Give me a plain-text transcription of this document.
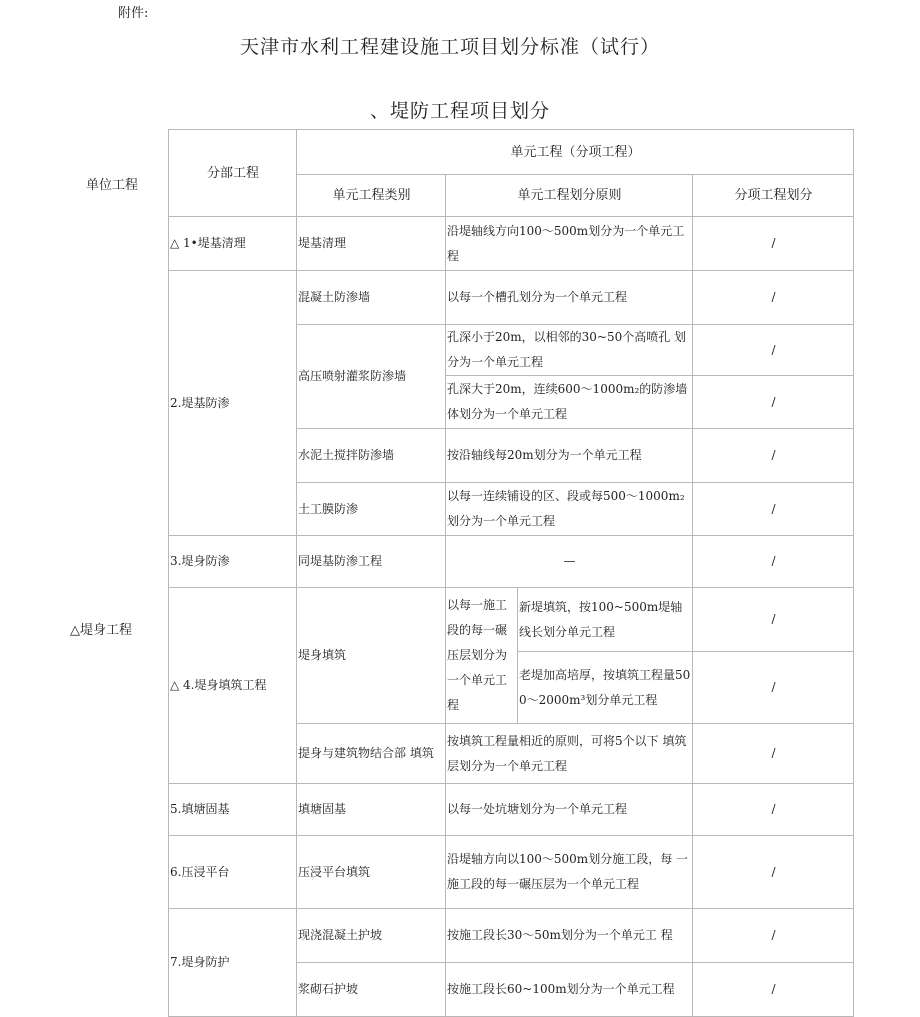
附件:
天津市水利工程建设施工项目划分标准（试行）
、堤防工程项目划分
单位工程
△堤身工程
分部工程	单元工程（分项工程）			
	单元工程类别	单元工程划分原则		分项工程划分
△ 1•堤基清理	堤基清理	沿堤轴线方向100〜500m划分为一个单元工程		/
2.堤基防渗	混凝土防渗墙	以每一个槽孔划分为一个单元工程		/
	高压喷射灌浆防渗墙	孔深小于20m，以相邻的30~50个高喷孔 划分为一个单元工程		/
		孔深大于20m，连续600〜1000m₂的防渗墙体划分为一个单元工程		/
	水泥土搅拌防渗墙	按沿轴线每20m划分为一个单元工程		/
	土工膜防渗	以每一连续铺设的区、段或每500〜1000m₂划分为一个单元工程		/
3.堤身防渗	同堤基防渗工程	—		/
△ 4.堤身填筑工程	堤身填筑	以每一施工段的每一碾压层划分为一个单元工程	新堤填筑，按100~500m堤轴线长划分单元工程	/
			老堤加高培厚，按填筑工程量500〜2000m³划分单元工程	/
	提身与建筑物结合部 填筑	按填筑工程量相近的原则，可将5个以下 填筑层划分为一个单元工程		/
5.填塘固基	填塘固基	以每一处坑塘划分为一个单元工程		/
6.压浸平台	压浸平台填筑	沿堤轴方向以100〜500m划分施工段，每 一施工段的每一碾压层为一个单元工程		/
7.堤身防护	现浇混凝土护坡	按施工段长30〜50m划分为一个单元工 程		/
	浆砌石护坡	按施工段长60~100m划分为一个单元工程		/
